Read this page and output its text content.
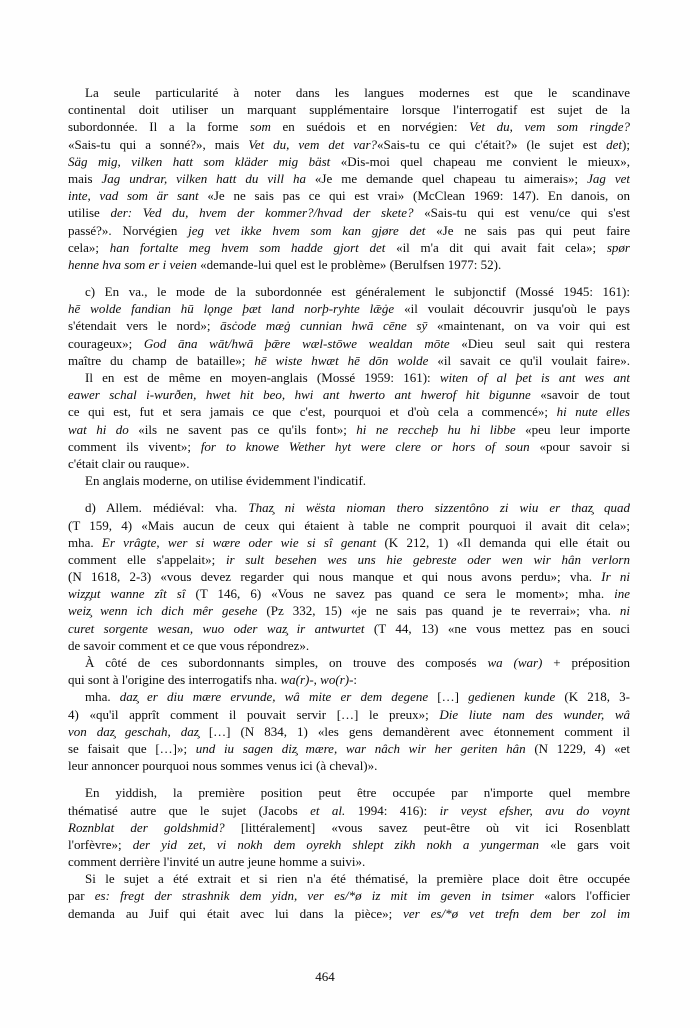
La seule particularité à noter dans les langues modernes est que le scandinave
continental doit utiliser un marquant supplémentaire lorsque l'interrogatif est sujet de la
subordonnée. Il a la forme som en suédois et en norvégien: Vet du, vem som ringde?
«Sais-tu qui a sonné?», mais Vet du, vem det var?«Sais-tu ce qui c'était?» (le sujet est det);
Säg mig, vilken hatt som kläder mig bäst «Dis-moi quel chapeau me convient le mieux»,
mais Jag undrar, vilken hatt du vill ha «Je me demande quel chapeau tu aimerais»; Jag vet
inte, vad som är sant «Je ne sais pas ce qui est vrai» (McClean 1969: 147). En danois, on
utilise der: Ved du, hvem der kommer?/hvad der skete? «Sais-tu qui est venu/ce qui s'est
passé?». Norvégien jeg vet ikke hvem som kan gjøre det «Je ne sais pas qui peut faire
cela»; han fortalte meg hvem som hadde gjort det «il m'a dit qui avait fait cela»; spør
henne hva som er i veien «demande-lui quel est le problème» (Berulfsen 1977: 52).
c) En va., le mode de la subordonnée est généralement le subjonctif (Mossé 1945: 161):
hē wolde fandian hū lǫnge þæt land norþ-ryhte lǣġe «il voulait découvrir jusqu'où le pays
s'étendait vers le nord»; āsċode mæġ cunnian hwā cēne sȳ «maintenant, on va voir qui est
courageux»; God āna wāt/hwā þǣre wæl-stōwe wealdan mōte «Dieu seul sait qui restera
maître du champ de bataille»; hē wiste hwæt hē dōn wolde «il savait ce qu'il voulait faire».
Il en est de même en moyen-anglais (Mossé 1959: 161): witen of al þet is ant wes ant
eawer schal i-wurðen, hwet hit beo, hwi ant hwerto ant hwerof hit bigunne «savoir de tout
ce qui est, fut et sera jamais ce que c'est, pourquoi et d'où cela a commencé»; hi nute elles
wat hi do «ils ne savent pas ce qu'ils font»; hi ne reccheþ hu hi libbe «peu leur importe
comment ils vivent»; for to knowe Wether hyt were clere or hors of soun «pour savoir si
c'était clair ou rauque».
En anglais moderne, on utilise évidemment l'indicatif.
d) Allem. médiéval: vha. Thaz̧ ni wësta nioman thero sizzentôno zi wiu er thaz̧ quad
(T 159, 4) «Mais aucun de ceux qui étaient à table ne comprit pourquoi il avait dit cela»;
mha. Er vrâgte, wer si wære oder wie si sî genant (K 212, 1) «Il demanda qui elle était ou
comment elle s'appelait»; ir sult besehen wes uns hie gebreste oder wen wir hân verlorn
(N 1618, 2-3) «vous devez regarder qui nous manque et qui nous avons perdu»; vha. Ir ni
wiz̧z̧ut wanne zît sî (T 146, 6) «Vous ne savez pas quand ce sera le moment»; mha. ine
weiz̧ wenn ich dich mêr gesehe (Pz 332, 15) «je ne sais pas quand je te reverrai»; vha. ni
curet sorgente wesan, wuo oder waz̧ ir antwurtet (T 44, 13) «ne vous mettez pas en souci
de savoir comment et ce que vous répondrez».
À côté de ces subordonnants simples, on trouve des composés wa (war) + préposition
qui sont à l'origine des interrogatifs nha. wa(r)-, wo(r)-:
mha. daz̧ er diu mære ervunde, wâ mite er dem degene […] gedienen kunde (K 218, 3-
4) «qu'il apprît comment il pouvait servir […] le preux»; Die liute nam des wunder, wâ
von daz̧ geschah, daz̧ […] (N 834, 1) «les gens demandèrent avec étonnement comment il
se faisait que […]»; und iu sagen diz̧ mære, war nâch wir her geriten hân (N 1229, 4) «et
leur annoncer pourquoi nous sommes venus ici (à cheval)».
En yiddish, la première position peut être occupée par n'importe quel membre
thématisé autre que le sujet (Jacobs et al. 1994: 416): ir veyst efsher, avu do voynt
Roznblat der goldshmid? [littéralement] «vous savez peut-être où vit ici Rosenblatt
l'orfèvre»; der yid zet, vi nokh dem oyrekh shlept zikh nokh a yungerman «le gars voit
comment derrière l'invité un autre jeune homme a suivi».
Si le sujet a été extrait et si rien n'a été thématisé, la première place doit être occupée
par es: fregt der strashnik dem yidn, ver es/*ø iz mit im geven in tsimer «alors l'officier
demanda au Juif qui était avec lui dans la pièce»; ver es/*ø vet trefn dem ber zol im
464
